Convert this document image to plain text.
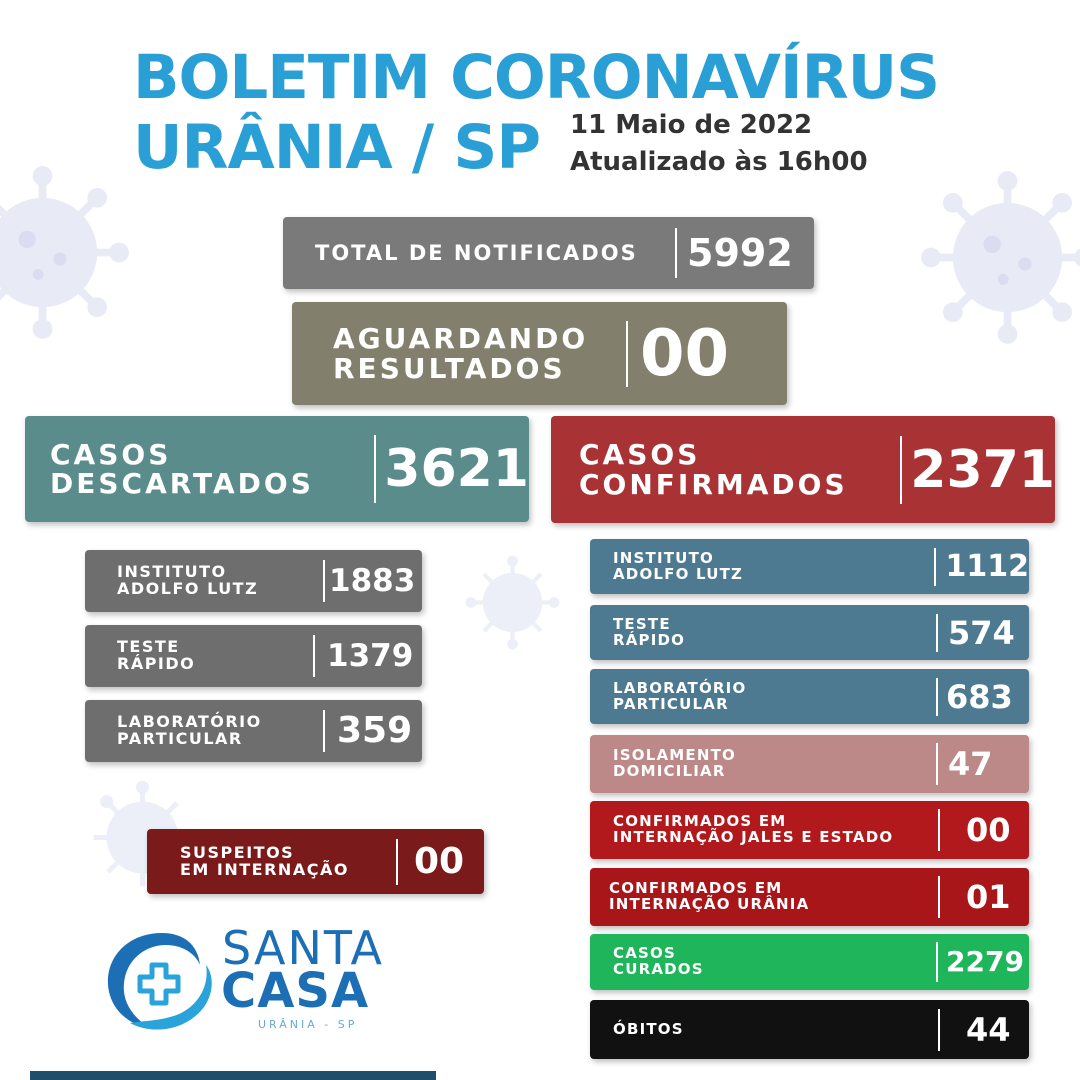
BOLETIM CORONAVÍRUS
URÂNIA / SP 11 Maio de 2022

Atualizado às 16h00

TOTAL DE NOTIFICADOS	5992
AGUARDANDO
RESULTADOS	00
CASOS
DESCARTADOS	3621 CASOS
CONFIRMADOS	2371
INSTITUTO
ADOLFO LUTZ	1883
TESTE
RÁPIDO	1379
LABORATÓRIO
PARTICULAR	359
SUSPEITOS
EM INTERNAÇÃO	00
INSTITUTO
ADOLFO LUTZ	1112
TESTE
RÁPIDO	574
LABORATÓRIO
PARTICULAR	683
ISOLAMENTO
DOMICILIAR	47
CONFIRMADOS EM
INTERNAÇÃO JALES E ESTADO	00
CONFIRMADOS EM
INTERNAÇÃO URÂNIA	01
CASOS
CURADOS	2279
ÓBITOS	44
SANTA
CASA
URÂNIA - SP
